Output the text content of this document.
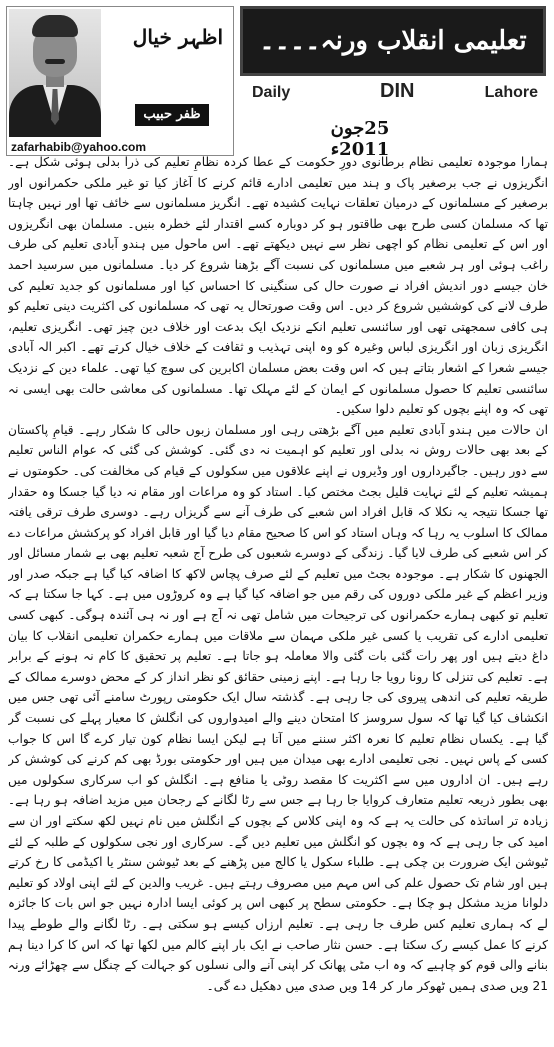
اظہر خیال
ظفر حبیب
zafarhabib@yahoo.com
تعلیمی انقلاب ورنہ۔۔۔۔
Daily	DIN	Lahore
25جون 2011ء

ہمارا موجودہ تعلیمی نظام برطانوی دورِ حکومت کے عطا کردہ نظامِ تعلیم کی ذرا بدلی ہوئی شکل ہے۔ انگریزوں نے جب برصغیر پاک و ہند میں تعلیمی ادارے قائم کرنے کا آغاز کیا تو غیر ملکی حکمرانوں اور برصغیر کے مسلمانوں کے درمیان تعلقات نہایت کشیدہ تھے۔ انگریز مسلمانوں سے خائف تھا اور نہیں چاہتا تھا کہ مسلمان کسی طرح بھی طاقتور ہو کر دوبارہ کسے اقتدار لئے خطرہ بنیں۔ مسلمان بھی انگریزوں اور اس کے تعلیمی نظام کو اچھی نظر سے نہیں دیکھتے تھے۔ اس ماحول میں ہندو آبادی تعلیم کی طرف راغب ہوئی اور ہر شعبے میں مسلمانوں کی نسبت آگے بڑھنا شروع کر دیا۔ مسلمانوں میں سرسید احمد خان جیسے دور اندیش افراد نے صورت حال کی سنگینی کا احساس کیا اور مسلمانوں کو جدید تعلیم کی طرف لانے کی کوششیں شروع کر دیں۔ اس وقت صورتحال یہ تھی کہ مسلمانوں کی اکثریت دینی تعلیم کو ہی کافی سمجھتی تھی اور سائنسی تعلیم انکے نزدیک ایک بدعت اور خلاف دین چیز تھی۔ انگریزی تعلیم، انگریزی زبان اور انگریزی لباس وغیرہ کو وہ اپنی تہذیب و ثقافت کے خلاف خیال کرتے تھے۔ اکبر الہ آبادی جیسے شعرا کے اشعار بتاتے ہیں کہ اس وقت بعض مسلمان اکابرین کی سوچ کیا تھی۔ علماء دین کے نزدیک سائنسی تعلیم کا حصول مسلمانوں کے ایمان کے لئے مہلک تھا۔ مسلمانوں کی معاشی حالت بھی ایسی نہ تھی کہ وہ اپنے بچوں کو تعلیم دلوا سکیں۔

ان حالات میں ہندو آبادی تعلیم میں آگے بڑھتی رہی اور مسلمان زبوں حالی کا شکار رہے۔ قیامِ پاکستان کے بعد بھی حالات روش نہ بدلی اور تعلیم کو اہمیت نہ دی گئی۔ کوشش کی گئی کہ عوام الناس تعلیم سے دور رہیں۔ جاگیرداروں اور وڈیروں نے اپنے علاقوں میں سکولوں کے قیام کی مخالفت کی۔ حکومتوں نے ہمیشہ تعلیم کے لئے نہایت قلیل بجٹ مختص کیا۔ استاد کو وہ مراعات اور مقام نہ دیا گیا جسکا وہ حقدار تھا جسکا نتیجہ یہ نکلا کہ قابل افراد اس شعبے کی طرف آنے سے گریزاں رہے۔ دوسری طرف ترقی یافتہ ممالک کا اسلوب یہ رہا کہ وہاں استاد کو اس کا صحیح مقام دیا گیا اور قابل افراد کو پرکشش مراعات دے کر اس شعبے کی طرف لایا گیا۔ زندگی کے دوسرے شعبوں کی طرح آج شعبہ تعلیم بھی بے شمار مسائل اور الجھنوں کا شکار ہے۔ موجودہ بجٹ میں تعلیم کے لئے صرف پچاس لاکھ کا اضافہ کیا گیا ہے جبکہ صدر اور وزیر اعظم کے غیر ملکی دوروں کی رقم میں جو اضافہ کیا گیا ہے وہ کروڑوں میں ہے۔ کہا جا سکتا ہے کہ تعلیم تو کبھی ہمارے حکمرانوں کی ترجیحات میں شامل تھی نہ آج ہے اور نہ ہی آئندہ ہوگی۔ کبھی کسی تعلیمی ادارے کی تقریب یا کسی غیر ملکی مہمان سے ملاقات میں ہمارے حکمران تعلیمی انقلاب کا بیان داغ دیتے ہیں اور پھر رات گئی بات گئی والا معاملہ ہو جاتا ہے۔ تعلیم پر تحقیق کا کام نہ ہونے کے برابر ہے۔ تعلیم کی تنزلی کا رونا رویا جا رہا ہے۔ اپنے زمینی حقائق کو نظر انداز کر کے محض دوسرے ممالک کے طریقہ تعلیم کی اندھی پیروی کی جا رہی ہے۔ گذشتہ سال ایک حکومتی رپورٹ سامنے آئی تھی جس میں انکشاف کیا گیا تھا کہ سول سروسز کا امتحان دینے والے امیدواروں کی انگلش کا معیار پہلے کی نسبت گر گیا ہے۔ یکساں نظام تعلیم کا نعرہ اکثر سننے میں آتا ہے لیکن ایسا نظام کون تیار کرے گا اس کا جواب کسی کے پاس نہیں۔ نجی تعلیمی ادارے بھی میدان میں ہیں اور حکومتی بورڈ بھی کم کرنے کی کوشش کر رہے ہیں۔ ان اداروں میں سے اکثریت کا مقصد روٹی یا منافع ہے۔ انگلش کو اب سرکاری سکولوں میں بھی بطور ذریعہ تعلیم متعارف کروایا جا رہا ہے جس سے رٹا لگانے کے رجحان میں مزید اضافہ ہو رہا ہے۔ زیادہ تر اساتذہ کی حالت یہ ہے کہ وہ اپنی کلاس کے بچوں کے انگلش میں نام نہیں لکھ سکتے اور ان سے امید کی جا رہی ہے کہ وہ بچوں کو انگلش میں تعلیم دیں گے۔ سرکاری اور نجی سکولوں کے طلبہ کے لئے ٹیوشن ایک ضرورت بن چکی ہے۔ طلباء سکول یا کالج میں پڑھنے کے بعد ٹیوشن سنٹر یا اکیڈمی کا رخ کرتے ہیں اور شام تک حصول علم کی اس مہم میں مصروف رہتے ہیں۔ غریب والدین کے لئے اپنی اولاد کو تعلیم دلوانا مزید مشکل ہو چکا ہے۔ حکومتی سطح پر کبھی اس پر کوئی ایسا ادارہ نہیں جو اس بات کا جائزہ لے کہ ہماری تعلیم کس طرف جا رہی ہے۔ تعلیم ارزاں کیسے ہو سکتی ہے۔ رٹا لگانے والے طوطے پیدا کرنے کا عمل کیسے رک سکتا ہے۔ حسن نثار صاحب نے ایک بار اپنے کالم میں لکھا تھا کہ اس کا کرا دینا ہم بنانے والی قوم کو چاہیے کہ وہ اب مٹی پھانک کر اپنی آنے والی نسلوں کو جہالت کے چنگل سے چھڑائے ورنہ 21 ویں صدی ہمیں ٹھوکر مار کر 14 ویں صدی میں دھکیل دے گی۔
